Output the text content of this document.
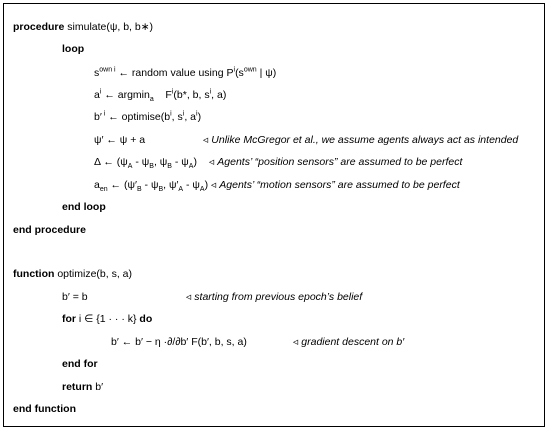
procedure simulate(ψ, b, b∗)
loop
$s^{own i}$ ← random value using $P^i(s^{own}$ | ψ)
$a^i$ ← argmin$_a$    $F^i(b*$, b, $s^i$, a)
b′ $^i$ ← $optimise(b^i$, $s^i$, $a^i$)
ψ′ ← ψ + a	◃ Unlike McGregor et al., we assume agents always act as intended
Δ ← ($\psi_A - \psi_B$, $\psi_B - \psi_A$) ◃ Agents’ “position sensors” are assumed to be perfect
$a_{en}$ ← ($\psi'_B - \psi_B$, $\psi'_A - \psi_A$) ◃ Agents’ “motion sensors” are assumed to be perfect
end loop
end procedure
function optimize(b, s, a)
b′ = b	◃ starting from previous epoch’s belief
for i ∈ {1 · · · k} do
b′ ← b′ − η ·∂/∂b′ F(b′, b, s, a)	◃ gradient descent on b′
end for
return b′
end function
